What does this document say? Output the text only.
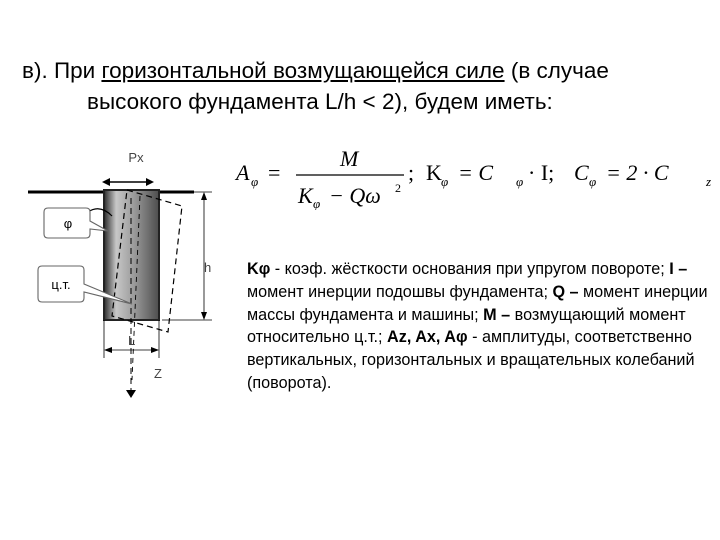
в). При горизонтальной возмущающейся силе (в случае
высокого фундамента L/h < 2), будем иметь:
A φ =
M
K φ − Qω 2
; K φ = C φ · I; C φ = 2 · C	z
Kφ - коэф. жёсткости основания при упругом повороте; I – момент инерции подошвы фундамента; Q – момент инерции массы фундамента и машины; M – возмущающий момент относительно ц.т.; Az, Ax, Aφ - амплитуды, соответственно вертикальных, горизонтальных и вращательных колебаний (поворота).
Px
φ
ц.т.
h
L
Z
